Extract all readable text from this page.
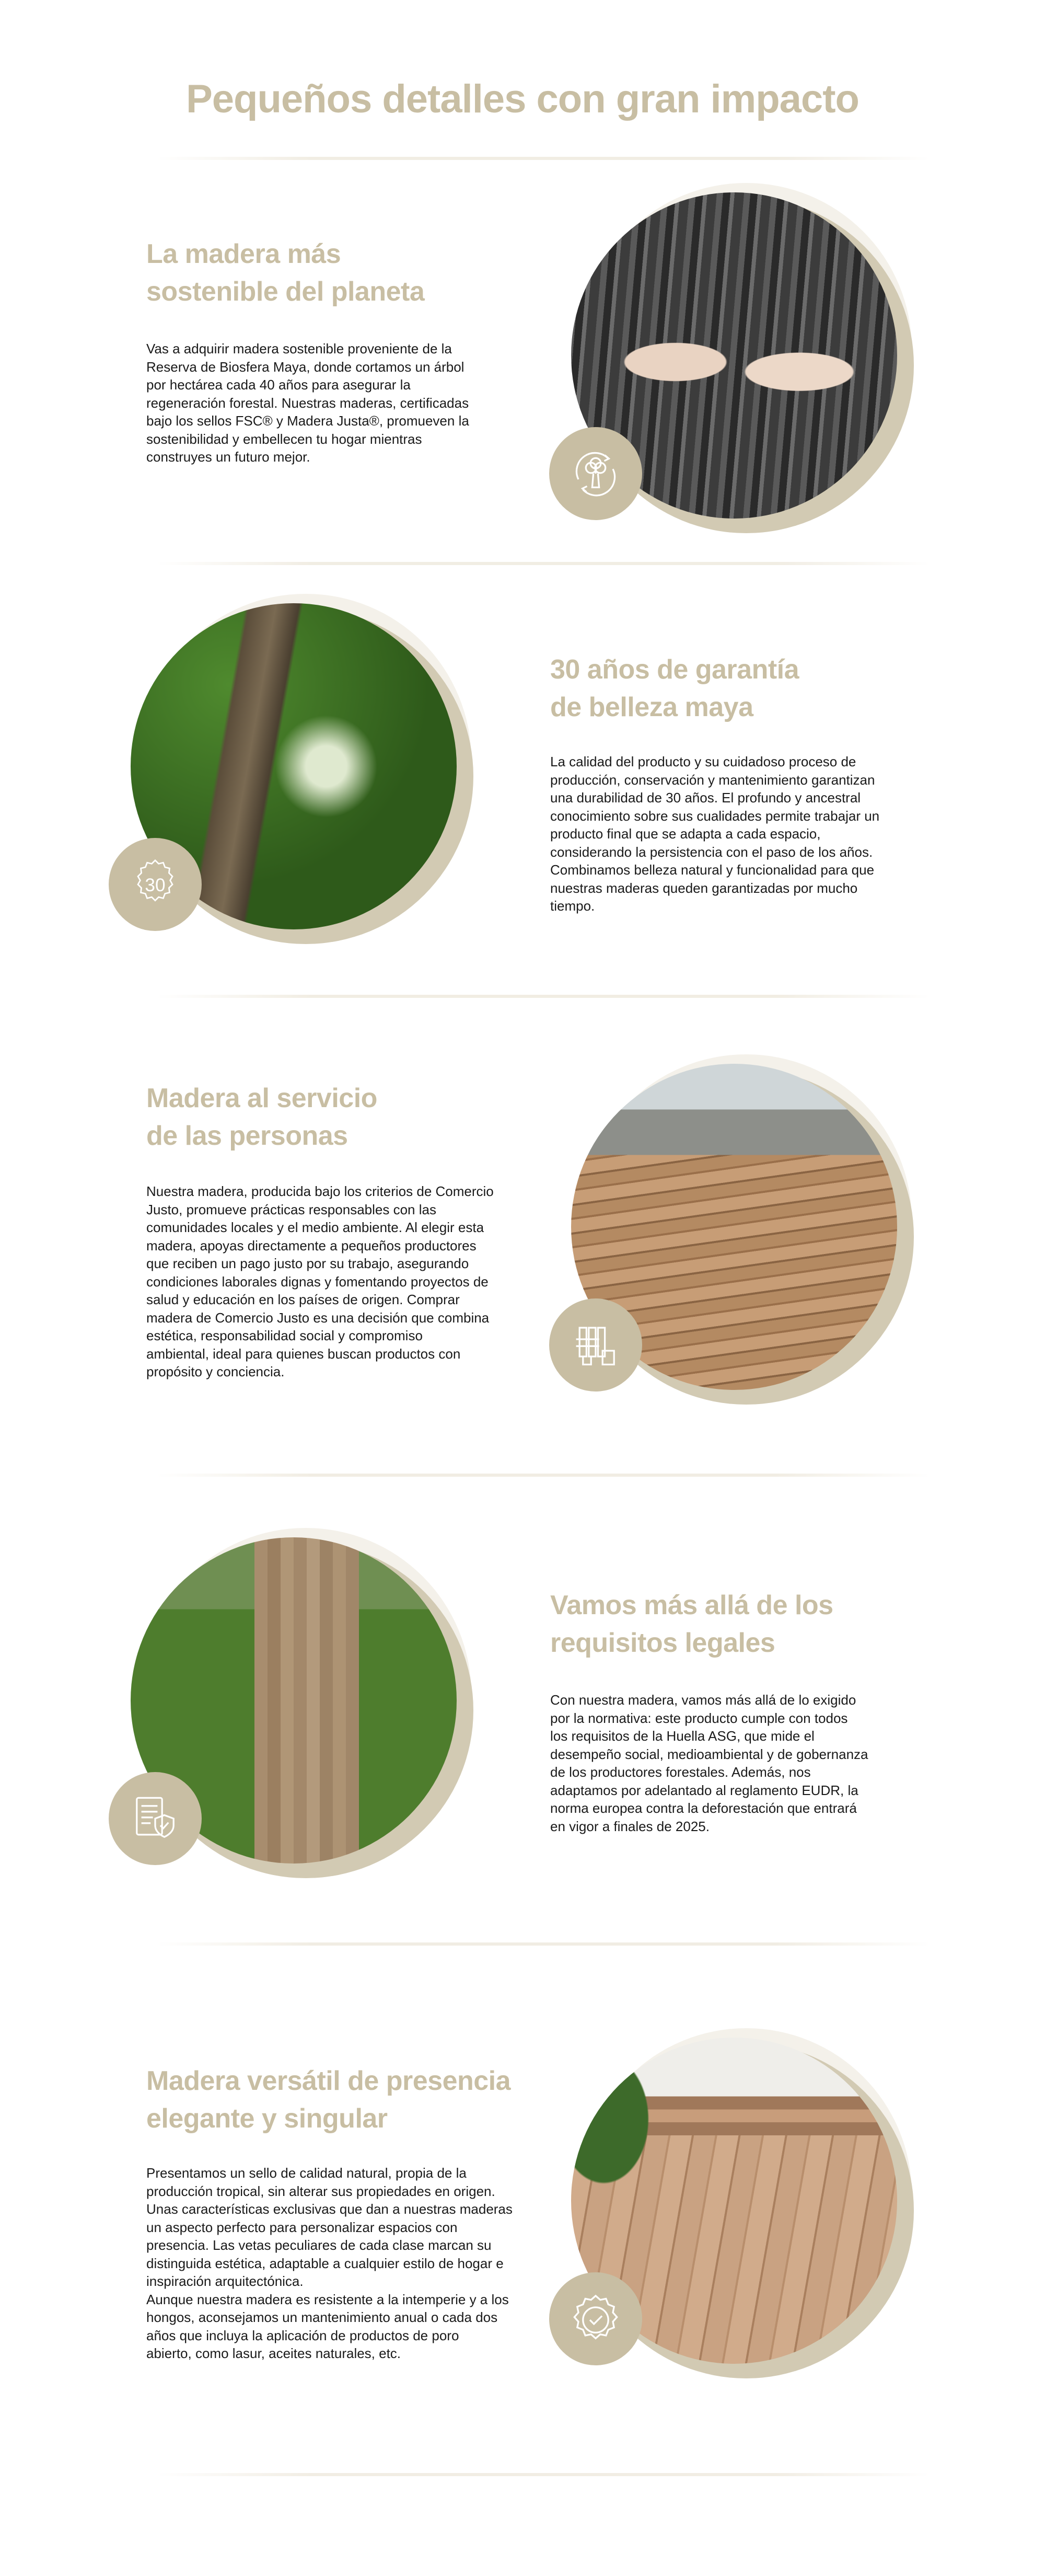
Pequeños detalles con gran impacto
La madera más
sostenible del planeta
Vas a adquirir madera sostenible proveniente de la
Reserva de Biosfera Maya, donde cortamos un árbol
por hectárea cada 40 años para asegurar la
regeneración forestal. Nuestras maderas, certificadas
bajo los sellos FSC® y Madera Justa®, promueven la
sostenibilidad y embellecen tu hogar mientras
construyes un futuro mejor.
30
30 años de garantía
de belleza maya
La calidad del producto y su cuidadoso proceso de
producción, conservación y mantenimiento garantizan
una durabilidad de 30 años. El profundo y ancestral
conocimiento sobre sus cualidades permite trabajar un
producto final que se adapta a cada espacio,
considerando la persistencia con el paso de los años.
Combinamos belleza natural y funcionalidad para que
nuestras maderas queden garantizadas por mucho
tiempo.
Madera al servicio
de las personas
Nuestra madera, producida bajo los criterios de Comercio
Justo, promueve prácticas responsables con las
comunidades locales y el medio ambiente. Al elegir esta
madera, apoyas directamente a pequeños productores
que reciben un pago justo por su trabajo, asegurando
condiciones laborales dignas y fomentando proyectos de
salud y educación en los países de origen. Comprar
madera de Comercio Justo es una decisión que combina
estética, responsabilidad social y compromiso
ambiental, ideal para quienes buscan productos con
propósito y conciencia.
Vamos más allá de los
requisitos legales
Con nuestra madera, vamos más allá de lo exigido
por la normativa: este producto cumple con todos
los requisitos de la Huella ASG, que mide el
desempeño social, medioambiental y de gobernanza
de los productores forestales. Además, nos
adaptamos por adelantado al reglamento EUDR, la
norma europea contra la deforestación que entrará
en vigor a finales de 2025.
Madera versátil de presencia
elegante y singular
Presentamos un sello de calidad natural, propia de la
producción tropical, sin alterar sus propiedades en origen.
Unas características exclusivas que dan a nuestras maderas
un aspecto perfecto para personalizar espacios con
presencia. Las vetas peculiares de cada clase marcan su
distinguida estética, adaptable a cualquier estilo de hogar e
inspiración arquitectónica.
Aunque nuestra madera es resistente a la intemperie y a los
hongos, aconsejamos un mantenimiento anual o cada dos
años que incluya la aplicación de productos de poro
abierto, como lasur, aceites naturales, etc.
